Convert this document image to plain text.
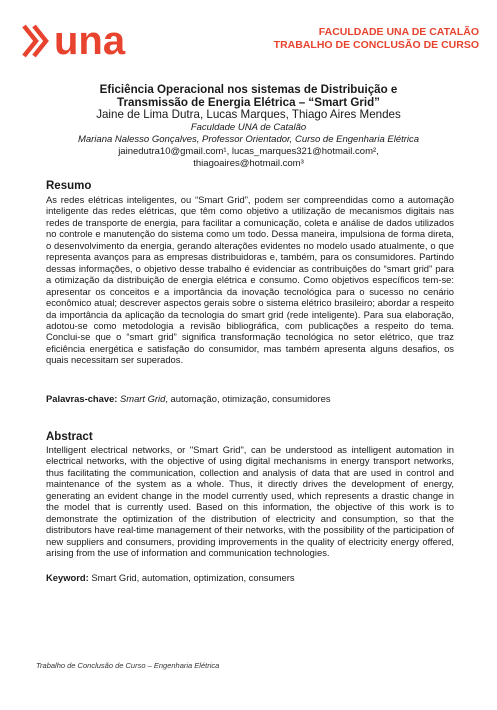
una	FACULDADE UNA DE CATALÃO
TRABALHO DE CONCLUSÃO DE CURSO
Eficiência Operacional nos sistemas de Distribuição e
Transmissão de Energia Elétrica – “Smart Grid”
Jaine de Lima Dutra, Lucas Marques, Thiago Aires Mendes
Faculdade UNA de Catalão
Mariana Nalesso Gonçalves, Professor Orientador, Curso de Engenharia Elétrica
jainedutra10@gmail.com¹, lucas_marques321@hotmail.com²,
thiagoaires@hotmail.com³
Resumo

As redes elétricas inteligentes, ou “Smart Grid”, podem ser compreendidas como a automação inteligente das redes elétricas, que têm como objetivo a utilização de mecanismos digitais nas redes de transporte de energia, para facilitar a comunicação, coleta e análise de dados utilizados no controle e manutenção do sistema como um todo. Dessa maneira, impulsiona de forma direta, o desenvolvimento da energia, gerando alterações evidentes no modelo usado atualmente, o que representa avanços para as empresas distribuidoras e, também, para os consumidores. Partindo dessas informações, o objetivo desse trabalho é evidenciar as contribuições do “smart grid” para a otimização da distribuição de energia elétrica e consumo. Como objetivos específicos tem-se: apresentar os conceitos e a importância da inovação tecnológica para o sucesso no cenário econômico atual; descrever aspectos gerais sobre o sistema elétrico brasileiro; abordar a respeito da importância da aplicação da tecnologia do smart grid (rede inteligente). Para sua elaboração, adotou-se como metodologia a revisão bibliográfica, com publicações a respeito do tema. Conclui-se que o “smart grid” significa transformação tecnológica no setor elétrico, que traz eficiência energética e satisfação do consumidor, mas também apresenta alguns desafios, os quais necessitam ser superados.

Palavras-chave: Smart Grid, automação, otimização, consumidores
Abstract

Intelligent electrical networks, or "Smart Grid", can be understood as intelligent automation in electrical networks, with the objective of using digital mechanisms in energy transport networks, thus facilitating the communication, collection and analysis of data that are used in control and maintenance of the system as a whole. Thus, it directly drives the development of energy, generating an evident change in the model currently used, which represents a drastic change in the model that is currently used. Based on this information, the objective of this work is to demonstrate the optimization of the distribution of electricity and consumption, so that the distributors have real-time management of their networks, with the possibility of the participation of new suppliers and consumers, providing improvements in the quality of electricity energy offered, arising from the use of information and communication technologies.

Keyword: Smart Grid, automation, optimization, consumers
Trabalho de Conclusão de Curso – Engenharia Elétrica
